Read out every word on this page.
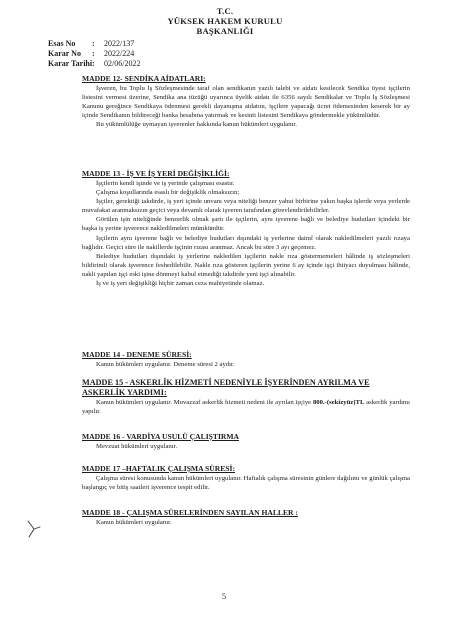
T.C.
YÜKSEK HAKEM KURULU
BAŞKANLIĞI
Esas No : 2022/137
Karar No : 2022/224
Karar Tarihi: 02/06/2022
MADDE 12- SENDİKA AİDATLARI:

İşveren, bu Toplu İş Sözleşmesinde taraf olan sendikanın yazılı talebi ve aidatı kesilecek Sendika üyesi işçilerin listesini vermesi üzerine, Sendika ana tüzüğü uyarınca üyelik aidatı ile 6356 sayılı Sendikalar ve Toplu İş Sözleşmesi Kanunu gereğince Sendikaya ödenmesi gerekli dayanışma aidatını, işçilere yapacağı ücret ödemesinden keserek bir ay içinde Sendikanın bildireceği banka hesabına yatırmak ve kesinti listesini Sendikaya göndermekle yükümlüdür.

Bu yükümlülüğe uymayan işverenler hakkında kanun hükümleri uygulanır.

MADDE 13 - İŞ VE İŞ YERİ DEĞİŞİKLİĞİ:

İşçilerin kendi işinde ve iş yerinde çalışması esastır.

Çalışma koşullarında esaslı bir değişiklik olmaksızın;

İşçiler, gerektiği takdirde, iş yeri içinde unvanı veya niteliği benzer yahut birbirine yakın başka işlerde veya yerlerde muvafakat aranmaksızın geçici veya devamlı olarak işveren tarafından görevlendirilebilirler.

Görülen işin niteliğinde benzerlik olmak şartı ile işçilerin, aynı işverene bağlı ve belediye hudutları içindeki bir başka iş yerine işverence nakledilmeleri mümkündür.

İşçilerin aynı işverene bağlı ve belediye hudutları dışındaki iş yerlerine daimî olarak nakledilmeleri yazılı rızaya bağlıdır. Geçici süre ile nakillerde işçinin rızası aranmaz. Ancak bu süre 3 ayı geçemez.

Belediye hudutları dışındaki iş yerlerine nakledilen işçilerin nakle rıza göstermemeleri hâlinde iş sözleşmeleri bildirimli olarak işverence feshedilebilir. Nakle rıza gösteren işçilerin yerine 6 ay içinde işçi ihtiyacı duyulması hâlinde, nakli yapılan işçi eski işine dönmeyi kabul etmediği takdirde yeni işçi alınabilir.

İş ve iş yeri değişikliği hiçbir zaman ceza mahiyetinde olamaz.

MADDE 14 - DENEME SÜRESİ:

Kanun hükümleri uygulanır. Deneme süresi 2 aydır.

MADDE 15 - ASKERLİK HİZMETİ NEDENİYLE İŞYERİNDEN AYRILMA VE ASKERLİK YARDIMI:

Kanun hükümleri uygulanır. Muvazzaf askerlik hizmeti nedeni ile ayrılan işçiye 800.-(sekizyüz)TL askerlik yardımı yapılır.

MADDE 16 - VARDİYA USULÜ ÇALIŞTIRMA

Mevzuat hükümleri uygulanır.

MADDE 17 –HAFTALIK ÇALIŞMA SÜRESİ:

Çalışma süresi konusunda kanun hükümleri uygulanır. Haftalık çalışma süresinin günlere dağılımı ve günlük çalışma başlangıç ve bitiş saatleri işverence tespit edilir.

MADDE 18 - ÇALIŞMA SÜRELERİNDEN SAYILAN HALLER :

Kanun hükümleri uygulanır.

5
